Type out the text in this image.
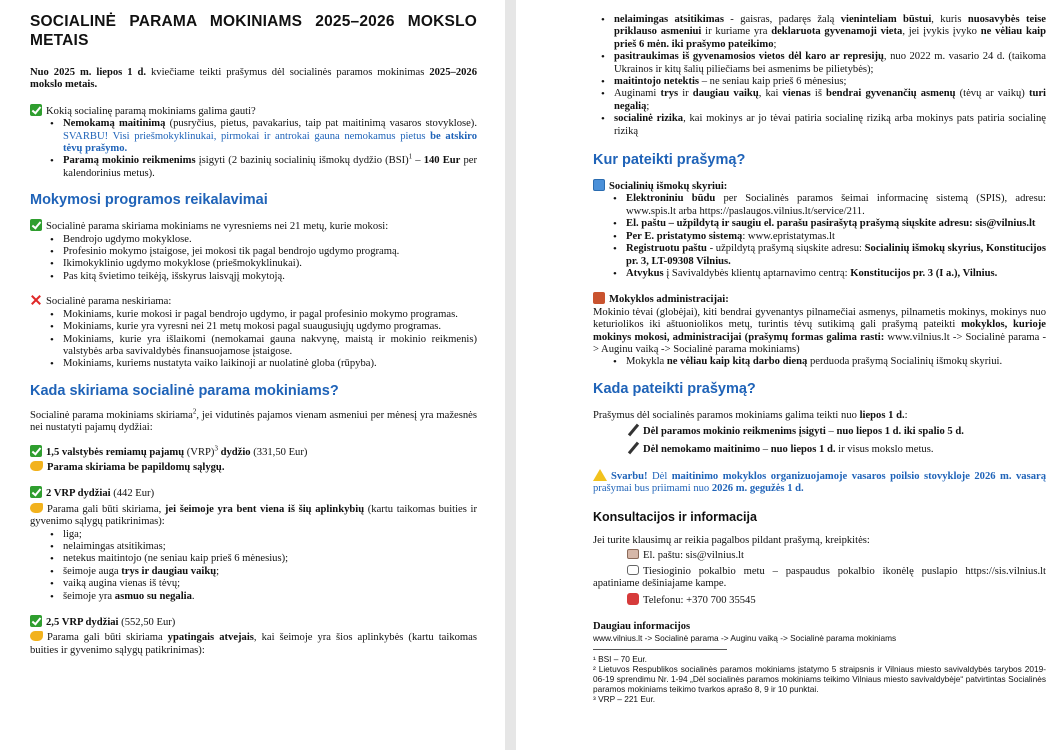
SOCIALINĖ PARAMA MOKINIAMS 2025–2026 MOKSLO METAIS

Nuo 2025 m. liepos 1 d. kviečiame teikti prašymus dėl socialinės paramos mokinimas 2025–2026 mokslo metais.

Kokią socialinę paramą mokiniams galima gauti?

• Nemokamą maitinimą (pusryčius, pietus, pavakarius, taip pat maitinimą vasaros stovyklose). SVARBU! Visi priešmokyklinukai, pirmokai ir antrokai gauna nemokamus pietus be atskiro tėvų prašymo.
• Paramą mokinio reikmenims įsigyti (2 bazinių socialinių išmokų dydžio (BSI)$^1$ – 140 Eur per kalendorinius metus).
Mokymosi programos reikalavimai

Socialinė parama skiriama mokiniams ne vyresniems nei 21 metų, kurie mokosi:

• Bendrojo ugdymo mokyklose.
• Profesinio mokymo įstaigose, jei mokosi tik pagal bendrojo ugdymo programą.
• Ikimokyklinio ugdymo mokyklose (priešmokyklinukai).
• Pas kitą švietimo teikėją, išskyrus laisvąjį mokytoją.

Socialinė parama neskiriama:

• Mokiniams, kurie mokosi ir pagal bendrojo ugdymo, ir pagal profesinio mokymo programas.
• Mokiniams, kurie yra vyresni nei 21 metų mokosi pagal suaugusiųjų ugdymo programas.
• Mokiniams, kurie yra išlaikomi (nemokamai gauna nakvynę, maistą ir mokinio reikmenis) valstybės arba savivaldybės finansuojamose įstaigose.
• Mokiniams, kuriems nustatyta vaiko laikinoji ar nuolatinė globa (rūpyba).
Kada skiriama socialinė parama mokiniams?

Socialinė parama mokiniams skiriama$^2$, jei vidutinės pajamos vienam asmeniui per mėnesį yra mažesnės nei nustatyti pajamų dydžiai:

1,5 valstybės remiamų pajamų (VRP)$^3$ dydžio (331,50 Eur)

Parama skiriama be papildomų sąlygų.

2 VRP dydžiai (442 Eur)

Parama gali būti skiriama, jei šeimoje yra bent viena iš šių aplinkybių (kartu taikomas buities ir gyvenimo sąlygų patikrinimas):

• liga;
• nelaimingas atsitikimas;
• netekus maitintojo (ne seniau kaip prieš 6 mėnesius);
• šeimoje auga trys ir daugiau vaikų;
• vaiką augina vienas iš tėvų;
• šeimoje yra asmuo su negalia.

2,5 VRP dydžiai (552,50 Eur)

Parama gali būti skiriama ypatingais atvejais, kai šeimoje yra šios aplinkybės (kartu taikomas buities ir gyvenimo sąlygų patikrinimas):

• nelaimingas atsitikimas - gaisras, padaręs žalą vieninteliam būstui, kuris nuosavybės teise priklauso asmeniui ir kuriame yra deklaruota gyvenamoji vieta, jei įvykis įvyko ne vėliau kaip prieš 6 mėn. iki prašymo pateikimo;
• pasitraukimas iš gyvenamosios vietos dėl karo ar represijų, nuo 2022 m. vasario 24 d. (taikoma Ukrainos ir kitų šalių piliečiams bei asmenims be pilietybės);
• maitintojo netektis – ne seniau kaip prieš 6 mėnesius;
• Auginami trys ir daugiau vaikų, kai vienas iš bendrai gyvenančių asmenų (tėvų ar vaikų) turi negalią;
• socialinė rizika, kai mokinys ar jo tėvai patiria socialinę riziką arba mokinys pats patiria socialinę riziką
Kur pateikti prašymą?

Socialinių išmokų skyriui:

• Elektroniniu būdu per Socialinės paramos šeimai informacinę sistemą (SPIS), adresu: www.spis.lt arba https://paslaugos.vilnius.lt/service/211.
• El. paštu – užpildytą ir saugiu el. parašu pasirašytą prašymą siųskite adresu: sis@vilnius.lt
• Per E. pristatymo sistemą: www.epristatymas.lt
• Registruotu paštu - užpildytą prašymą siųskite adresu: Socialinių išmokų skyrius, Konstitucijos pr. 3, LT-09308 Vilnius.
• Atvykus į Savivaldybės klientų aptarnavimo centrą: Konstitucijos pr. 3 (I a.), Vilnius.

Mokyklos administracijai:

Mokinio tėvai (globėjai), kiti bendrai gyvenantys pilnamečiai asmenys, pilnametis mokinys, mokinys nuo keturiolikos iki aštuoniolikos metų, turintis tėvų sutikimą gali prašymą pateikti mokyklos, kurioje mokinys mokosi, administracijai (prašymų formas galima rasti: www.vilnius.lt -> Socialinė parama -> Auginu vaiką -> Socialinė parama mokiniams)

• Mokykla ne vėliau kaip kitą darbo dieną perduoda prašymą Socialinių išmokų skyriui.
Kada pateikti prašymą?

Prašymus dėl socialinės paramos mokiniams galima teikti nuo liepos 1 d.:

Dėl paramos mokinio reikmenims įsigyti – nuo liepos 1 d. iki spalio 5 d.

Dėl nemokamo maitinimo – nuo liepos 1 d. ir visus mokslo metus.

Svarbu! Dėl maitinimo mokyklos organizuojamoje vasaros poilsio stovykloje 2026 m. vasarą prašymai bus priimami nuo 2026 m. gegužės 1 d.

Konsultacijos ir informacija

Jei turite klausimų ar reikia pagalbos pildant prašymą, kreipkitės:

El. paštu: sis@vilnius.lt

Tiesioginio pokalbio metu – paspaudus pokalbio ikonėlę puslapio https://sis.vilnius.lt apatiniame dešiniajame kampe.

Telefonu: +370 700 35545

Daugiau informacijos
www.vilnius.lt -> Socialinė parama -> Auginu vaiką -> Socialinė parama mokiniams
¹ BSI – 70 Eur.
² Lietuvos Respublikos socialinės paramos mokiniams įstatymo 5 straipsnis ir Vilniaus miesto savivaldybės tarybos 2019-06-19 sprendimu Nr. 1-94 „Dėl socialinės paramos mokiniams teikimo Vilniaus miesto savivaldybėje“ patvirtintas Socialinės paramos mokiniams teikimo tvarkos aprašo 8, 9 ir 10 punktai.
³ VRP – 221 Eur.
